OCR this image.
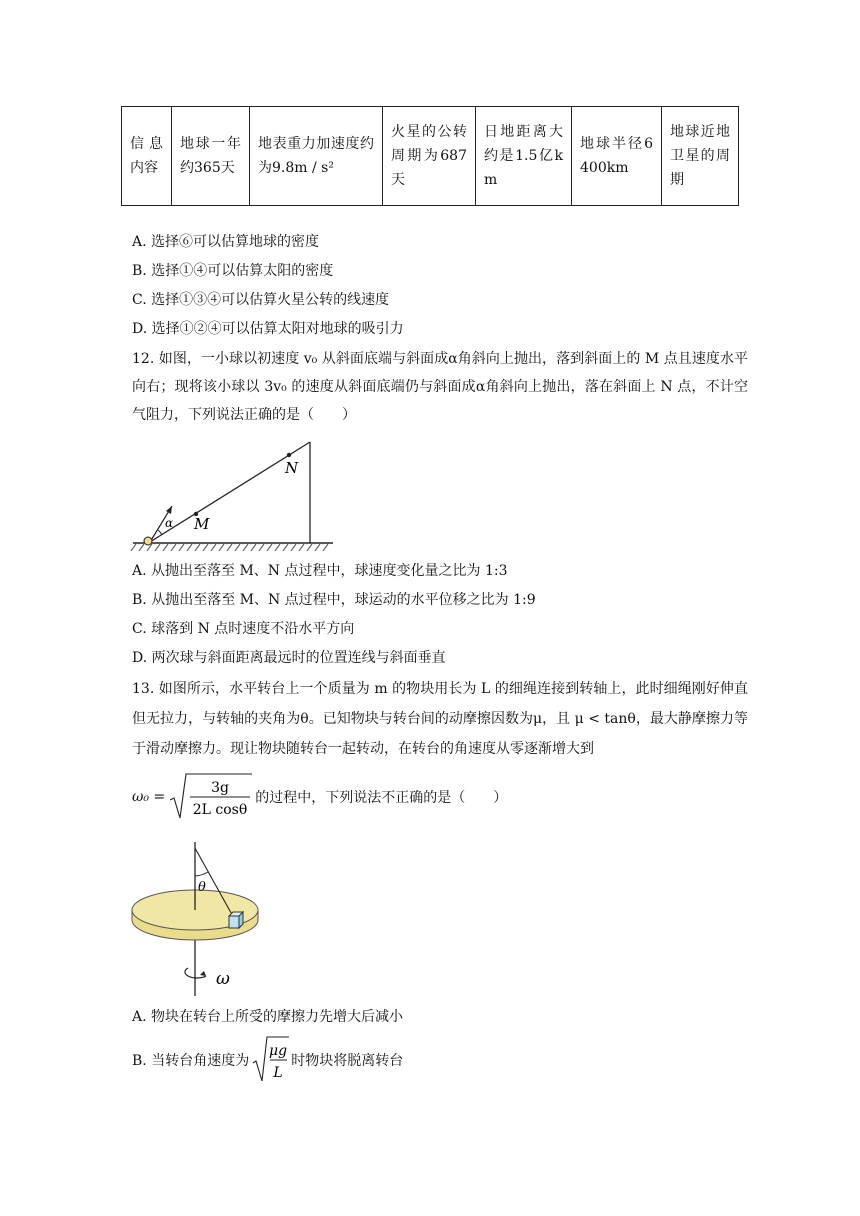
信息内容	地球一年约365天	地表重力加速度约为9.8m / s²	火星的公转周期为687天	日地距离大约是1.5亿km	地球半径6400km	地球近地卫星的周期
A. 选择⑥可以估算地球的密度
B. 选择①④可以估算太阳的密度
C. 选择①③④可以估算火星公转的线速度
D. 选择①②④可以估算太阳对地球的吸引力
12. 如图，一小球以初速度 v₀ 从斜面底端与斜面成α角斜向上抛出，落到斜面上的 M 点且速度水平向右；现将该小球以 3v₀ 的速度从斜面底端仍与斜面成α角斜向上抛出，落在斜面上 N 点，不计空气阻力，下列说法正确的是（　　）
α M
N
A. 从抛出至落至 M、N 点过程中，球速度变化量之比为 1:3
B. 从抛出至落至 M、N 点过程中，球运动的水平位移之比为 1:9
C. 球落到 N 点时速度不沿水平方向
D. 两次球与斜面距离最远时的位置连线与斜面垂直
13. 如图所示，水平转台上一个质量为 m 的物块用长为 L 的细绳连接到转轴上，此时细绳刚好伸直但无拉力，与转轴的夹角为θ。已知物块与转台间的动摩擦因数为μ，且 μ < tanθ，最大静摩擦力等于滑动摩擦力。现让物块随转台一起转动，在转台的角速度从零逐渐增大到
ω₀ =
3g
2L cosθ
的过程中，下列说法不正确的是（　　）
θ
ω
A. 物块在转台上所受的摩擦力先增大后减小
B. 当转台角速度为
μg
L
时物块将脱离转台
